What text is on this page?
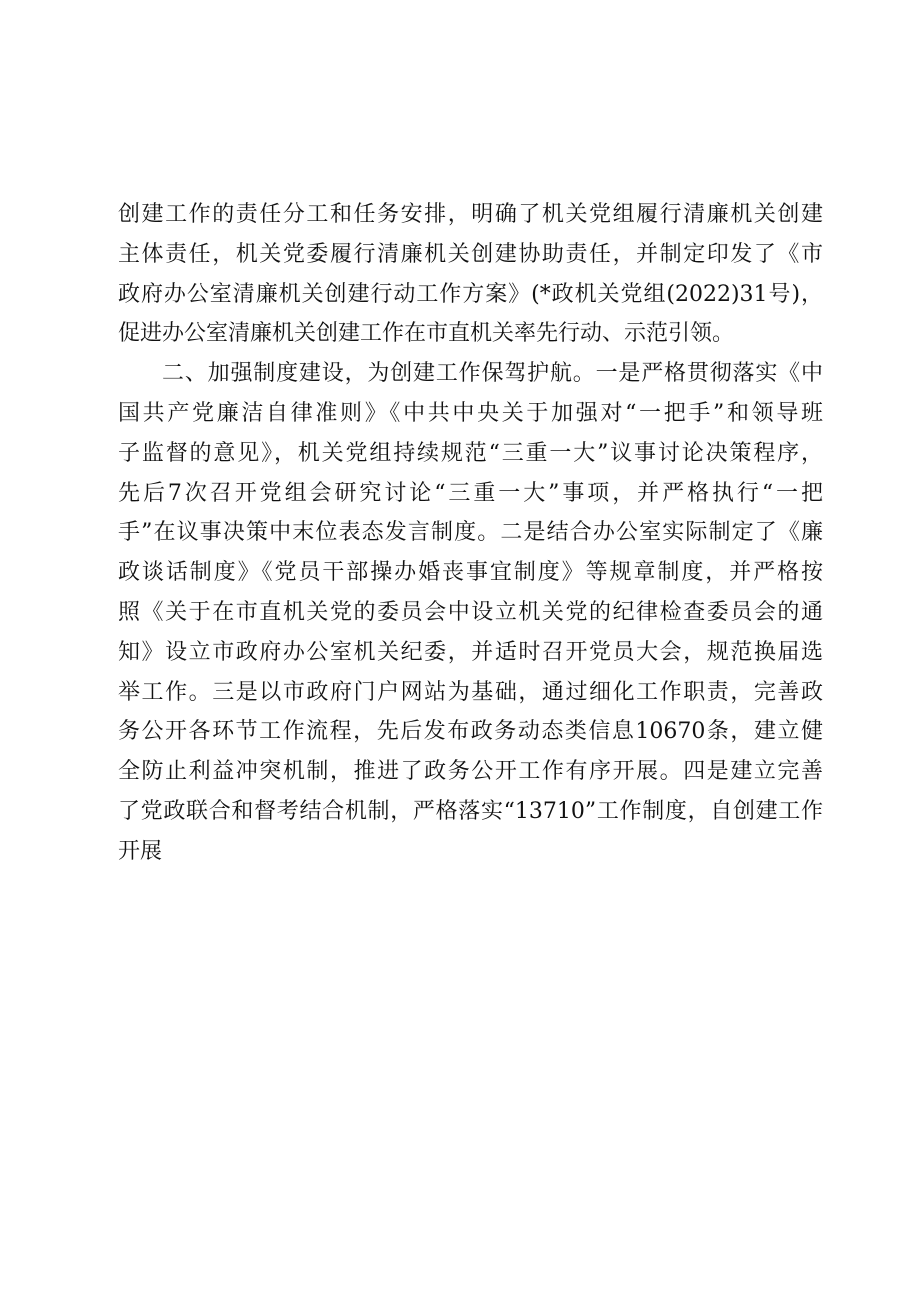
创建工作的责任分工和任务安排，明确了机关党组履行清廉机关创建
主体责任，机关党委履行清廉机关创建协助责任，并制定印发了《市
政府办公室清廉机关创建行动工作方案》(*政机关党组(2022)31号)，
促进办公室清廉机关创建工作在市直机关率先行动、示范引领。
二、加强制度建设，为创建工作保驾护航。一是严格贯彻落实《中
国共产党廉洁自律准则》《中共中央关于加强对“一把手”和领导班
子监督的意见》，机关党组持续规范“三重一大”议事讨论决策程序，
先后7次召开党组会研究讨论“三重一大”事项，并严格执行“一把
手”在议事决策中末位表态发言制度。二是结合办公室实际制定了《廉
政谈话制度》《党员干部操办婚丧事宜制度》等规章制度，并严格按
照《关于在市直机关党的委员会中设立机关党的纪律检查委员会的通
知》设立市政府办公室机关纪委，并适时召开党员大会，规范换届选
举工作。三是以市政府门户网站为基础，通过细化工作职责，完善政
务公开各环节工作流程，先后发布政务动态类信息10670条，建立健
全防止利益冲突机制，推进了政务公开工作有序开展。四是建立完善
了党政联合和督考结合机制，严格落实“13710”工作制度，自创建工作
开展
